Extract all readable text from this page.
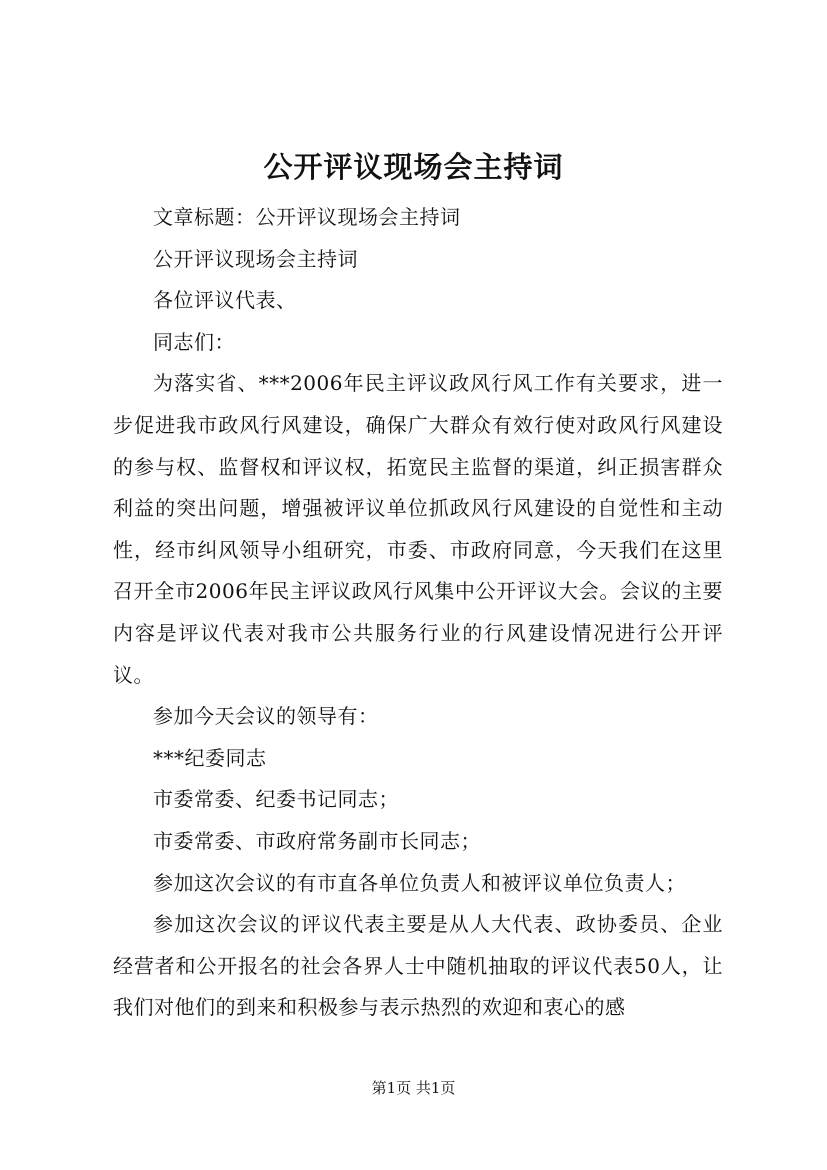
公开评议现场会主持词

文章标题：公开评议现场会主持词

公开评议现场会主持词

各位评议代表、

同志们：

为落实省、***2006年民主评议政风行风工作有关要求，进一步促进我市政风行风建设，确保广大群众有效行使对政风行风建设的参与权、监督权和评议权，拓宽民主监督的渠道，纠正损害群众利益的突出问题，增强被评议单位抓政风行风建设的自觉性和主动性，经市纠风领导小组研究，市委、市政府同意，今天我们在这里召开全市2006年民主评议政风行风集中公开评议大会。会议的主要内容是评议代表对我市公共服务行业的行风建设情况进行公开评议。

参加今天会议的领导有：

***纪委同志

市委常委、纪委书记同志；

市委常委、市政府常务副市长同志；

参加这次会议的有市直各单位负责人和被评议单位负责人；

参加这次会议的评议代表主要是从人大代表、政协委员、企业经营者和公开报名的社会各界人士中随机抽取的评议代表50人，让我们对他们的到来和积极参与表示热烈的欢迎和衷心的感

第1页 共1页
